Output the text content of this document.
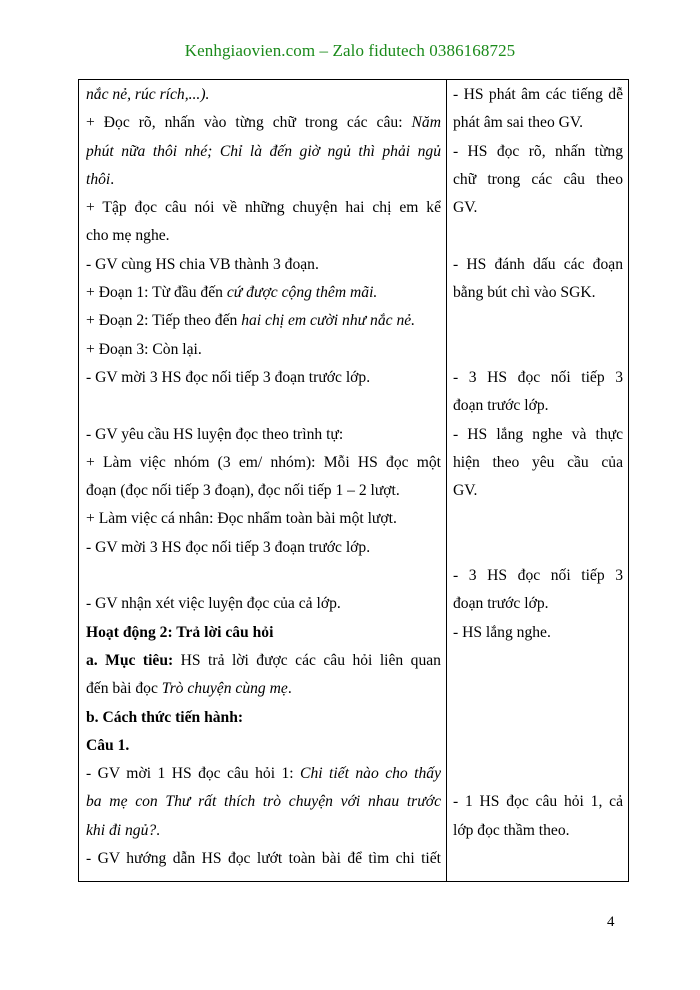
Kenhgiaovien.com – Zalo fidutech 0386168725
nắc nẻ, rúc rích,...).
+ Đọc rõ, nhấn vào từng chữ trong các câu: Năm
phút nữa thôi nhé; Chỉ là đến giờ ngủ thì phải ngủ
thôi.
+ Tập đọc câu nói về những chuyện hai chị em kể
cho mẹ nghe.
- GV cùng HS chia VB thành 3 đoạn.
+ Đoạn 1: Từ đầu đến cứ được cộng thêm mãi.
+ Đoạn 2: Tiếp theo đến hai chị em cười như nắc nẻ.
+ Đoạn 3: Còn lại.
- GV mời 3 HS đọc nối tiếp 3 đoạn trước lớp.
- GV yêu cầu HS luyện đọc theo trình tự:
+ Làm việc nhóm (3 em/ nhóm): Mỗi HS đọc một
đoạn (đọc nối tiếp 3 đoạn), đọc nối tiếp 1 – 2 lượt.
+ Làm việc cá nhân: Đọc nhẩm toàn bài một lượt.
- GV mời 3 HS đọc nối tiếp 3 đoạn trước lớp.
- GV nhận xét việc luyện đọc của cả lớp.
Hoạt động 2: Trả lời câu hỏi
a. Mục tiêu: HS trả lời được các câu hỏi liên quan
đến bài đọc Trò chuyện cùng mẹ.
b. Cách thức tiến hành:
Câu 1.
- GV mời 1 HS đọc câu hỏi 1: Chi tiết nào cho thấy
ba mẹ con Thư rất thích trò chuyện với nhau trước
khi đi ngủ?.
- GV hướng dẫn HS đọc lướt toàn bài để tìm chi tiết
- HS phát âm các tiếng dễ
phát âm sai theo GV.
- HS đọc rõ, nhấn từng
chữ trong các câu theo
GV.
- HS đánh dấu các đoạn
bằng bút chì vào SGK.
- 3 HS đọc nối tiếp 3
đoạn trước lớp.
- HS lắng nghe và thực
hiện theo yêu cầu của
GV.
- 3 HS đọc nối tiếp 3
đoạn trước lớp.
- HS lắng nghe.
- 1 HS đọc câu hỏi 1, cả
lớp đọc thầm theo.
4
